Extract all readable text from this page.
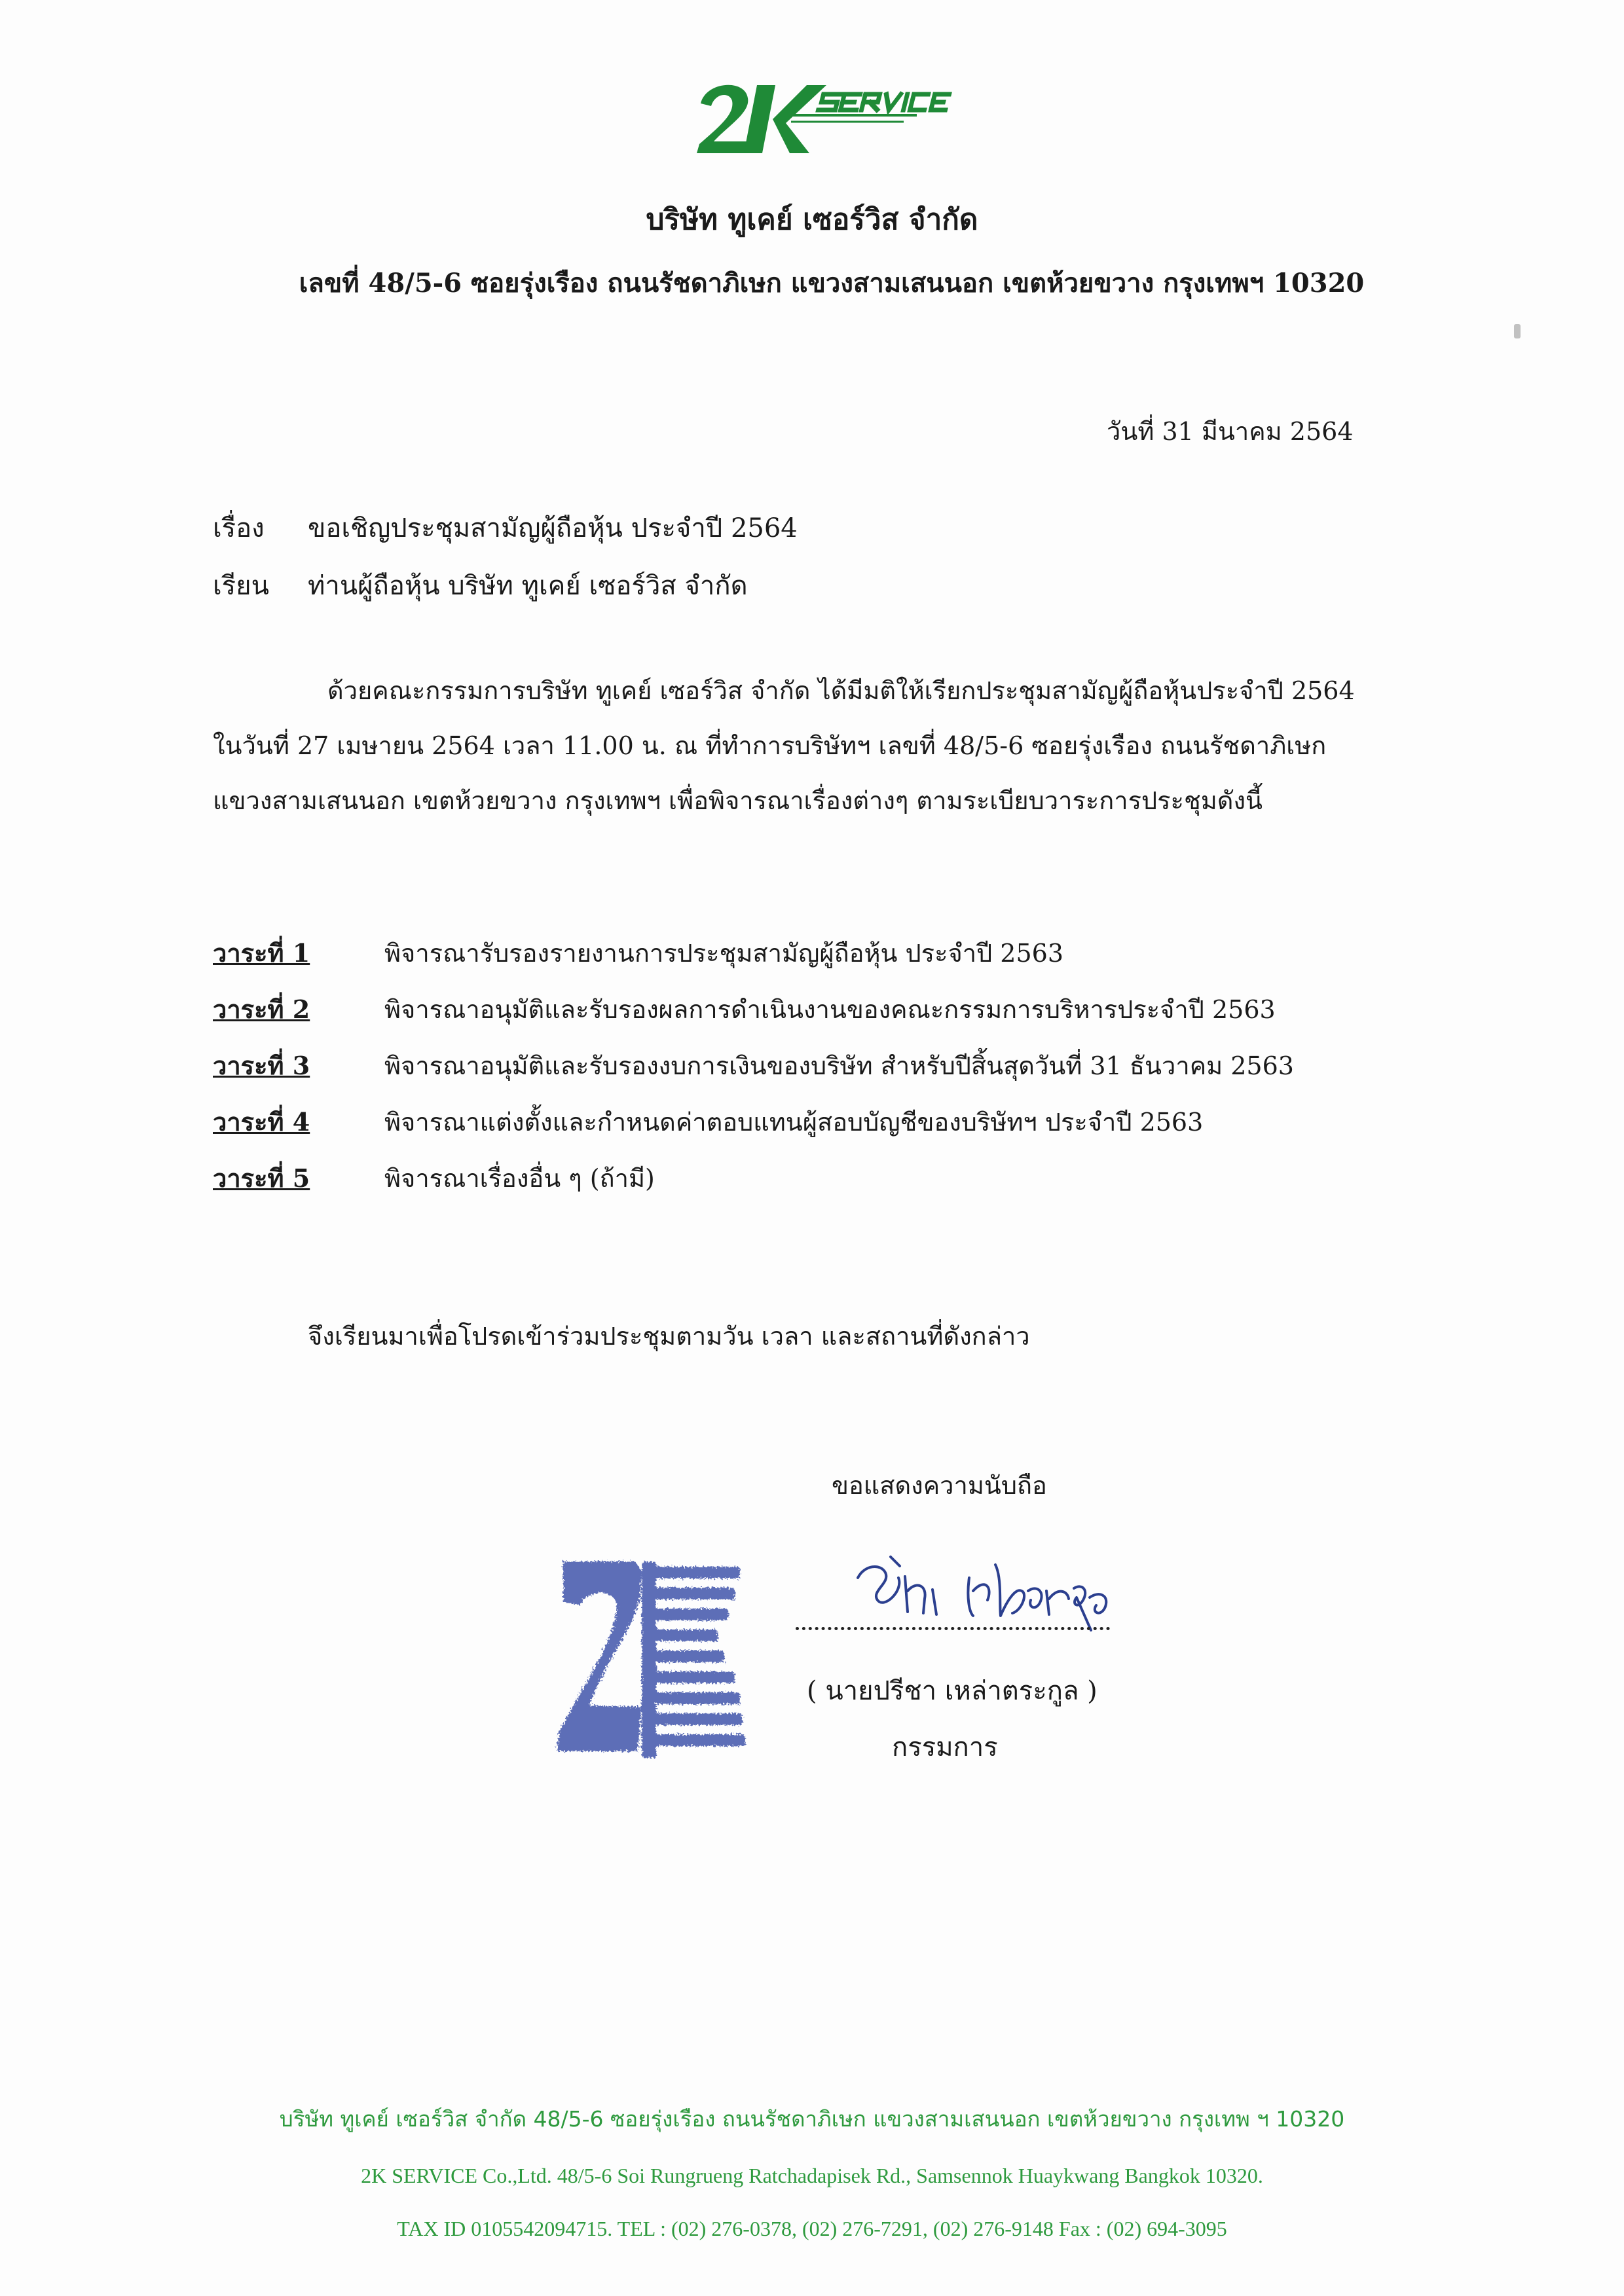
บริษัท ทูเคย์ เซอร์วิส จำกัด
เลขที่ 48/5-6 ซอยรุ่งเรือง ถนนรัชดาภิเษก แขวงสามเสนนอก เขตห้วยขวาง กรุงเทพฯ 10320
วันที่ 31 มีนาคม 2564
เรื่อง ขอเชิญประชุมสามัญผู้ถือหุ้น ประจำปี 2564
เรียน ท่านผู้ถือหุ้น บริษัท ทูเคย์ เซอร์วิส จำกัด
ด้วยคณะกรรมการบริษัท ทูเคย์ เซอร์วิส จำกัด ได้มีมติให้เรียกประชุมสามัญผู้ถือหุ้นประจำปี 2564
ในวันที่ 27 เมษายน 2564 เวลา 11.00 น. ณ ที่ทำการบริษัทฯ เลขที่ 48/5-6 ซอยรุ่งเรือง ถนนรัชดาภิเษก
แขวงสามเสนนอก เขตห้วยขวาง กรุงเทพฯ เพื่อพิจารณาเรื่องต่างๆ ตามระเบียบวาระการประชุมดังนี้
วาระที่ 1	พิจารณารับรองรายงานการประชุมสามัญผู้ถือหุ้น ประจำปี 2563
วาระที่ 2	พิจารณาอนุมัติและรับรองผลการดำเนินงานของคณะกรรมการบริหารประจำปี 2563
วาระที่ 3	พิจารณาอนุมัติและรับรองงบการเงินของบริษัท สำหรับปีสิ้นสุดวันที่ 31 ธันวาคม 2563
วาระที่ 4	พิจารณาแต่งตั้งและกำหนดค่าตอบแทนผู้สอบบัญชีของบริษัทฯ ประจำปี 2563
วาระที่ 5	พิจารณาเรื่องอื่น ๆ (ถ้ามี)
จึงเรียนมาเพื่อโปรดเข้าร่วมประชุมตามวัน เวลา และสถานที่ดังกล่าว
ขอแสดงความนับถือ
( นายปรีชา เหล่าตระกูล )
กรรมการ
บริษัท ทูเคย์ เซอร์วิส จำกัด 48/5-6 ซอยรุ่งเรือง ถนนรัชดาภิเษก แขวงสามเสนนอก เขตห้วยขวาง กรุงเทพ ฯ 10320
2K SERVICE Co.,Ltd. 48/5-6 Soi Rungrueng Ratchadapisek Rd., Samsennok Huaykwang Bangkok 10320.
TAX ID 0105542094715. TEL : (02) 276-0378, (02) 276-7291, (02) 276-9148 Fax : (02) 694-3095
